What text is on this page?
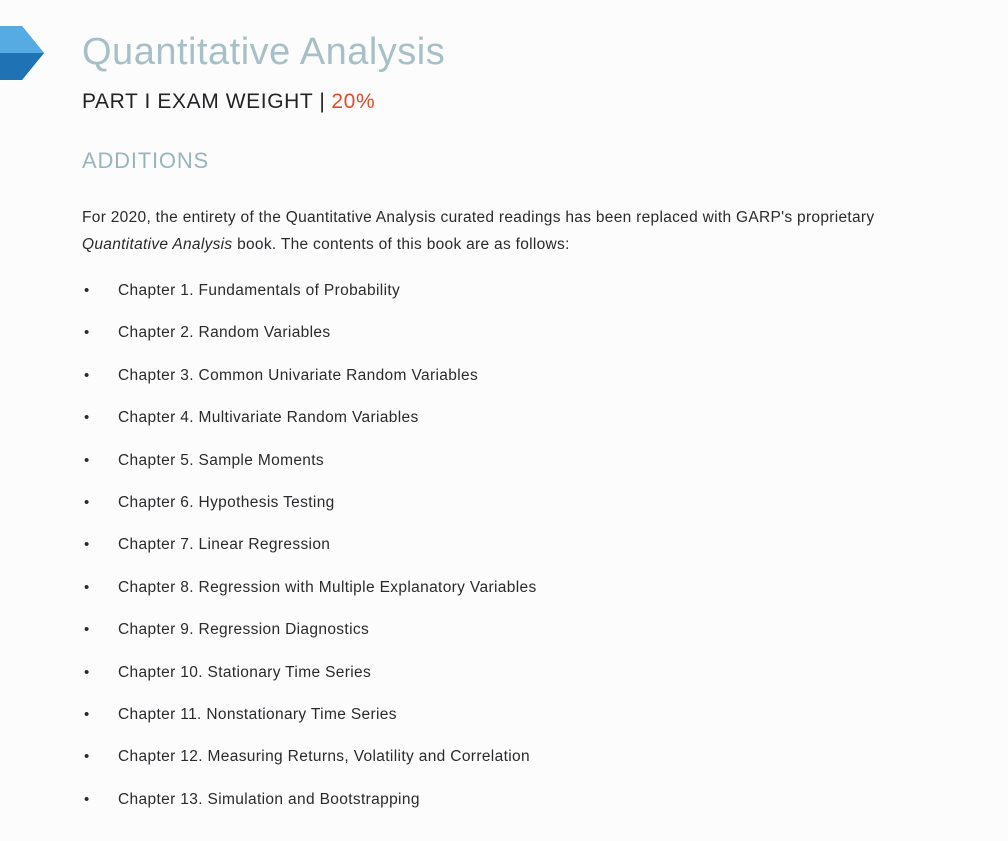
Quantitative Analysis
PART I EXAM WEIGHT | 20%
ADDITIONS

For 2020, the entirety of the Quantitative Analysis curated readings has been replaced with GARP's proprietary Quantitative Analysis book. The contents of this book are as follows:

• Chapter 1. Fundamentals of Probability
• Chapter 2. Random Variables
• Chapter 3. Common Univariate Random Variables
• Chapter 4. Multivariate Random Variables
• Chapter 5. Sample Moments
• Chapter 6. Hypothesis Testing
• Chapter 7. Linear Regression
• Chapter 8. Regression with Multiple Explanatory Variables
• Chapter 9. Regression Diagnostics
• Chapter 10. Stationary Time Series
• Chapter 11. Nonstationary Time Series
• Chapter 12. Measuring Returns, Volatility and Correlation
• Chapter 13. Simulation and Bootstrapping
